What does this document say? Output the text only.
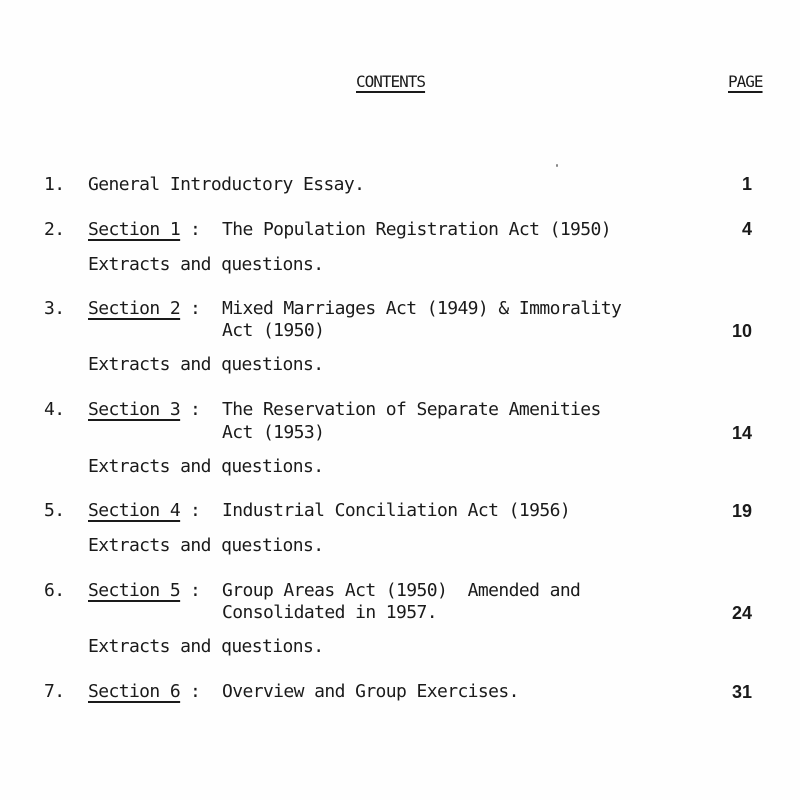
CONTENTS	PAGE
1. General Introductory Essay.	1
2. Section 1 : The Population Registration Act (1950)	4
Extracts and questions.
3. Section 2 : Mixed Marriages Act (1949) & Immorality
Act (1950)	10
Extracts and questions.
4. Section 3 : The Reservation of Separate Amenities
Act (1953)	14
Extracts and questions.
5. Section 4 : Industrial Conciliation Act (1956)	19
Extracts and questions.
6. Section 5 : Group Areas Act (1950)  Amended and
Consolidated in 1957.	24
Extracts and questions.
7. Section 6 : Overview and Group Exercises.	31
